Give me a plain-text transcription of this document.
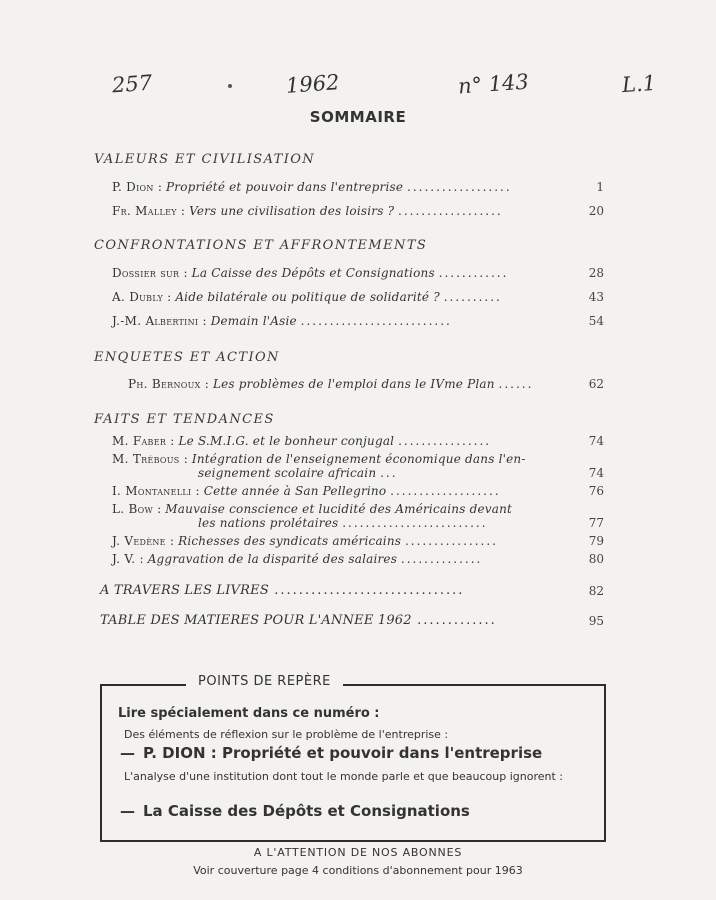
257	1962	n° 143	L.1
SOMMAIRE
VALEURS ET CIVILISATION
P. Dion : Propriété et pouvoir dans l'entreprise ..................	1
Fr. Malley : Vers une civilisation des loisirs ? ..................	20
CONFRONTATIONS ET AFFRONTEMENTS
Dossier sur : La Caisse des Dépôts et Consignations ............	28
A. Dubly : Aide bilatérale ou politique de solidarité ? ..........	43
J.-M. Albertini : Demain l'Asie ..........................	54
ENQUETES ET ACTION
Ph. Bernoux : Les problèmes de l'emploi dans le IVme Plan ......	62
FAITS ET TENDANCES
M. Faber : Le S.M.I.G. et le bonheur conjugal ................	74
M. Trébous : Intégration de l'enseignement économique dans l'en-
seignement scolaire africain ...	74
I. Montanelli : Cette année à San Pellegrino ...................	76
L. Bow : Mauvaise conscience et lucidité des Américains devant
les nations prolétaires .........................	77
J. Vedène : Richesses des syndicats américains ................	79
J. V. : Aggravation de la disparité des salaires ..............	80
A TRAVERS LES LIVRES ...............................	82
TABLE DES MATIERES POUR L'ANNEE 1962 .............	95
POINTS DE REPÈRE
Lire spécialement dans ce numéro :
Des éléments de réflexion sur le problème de l'entreprise :
— P. DION : Propriété et pouvoir dans l'entreprise
L'analyse d'une institution dont tout le monde parle et que beaucoup ignorent :
— La Caisse des Dépôts et Consignations
A L'ATTENTION DE NOS ABONNES
Voir couverture page 4 conditions d'abonnement pour 1963
